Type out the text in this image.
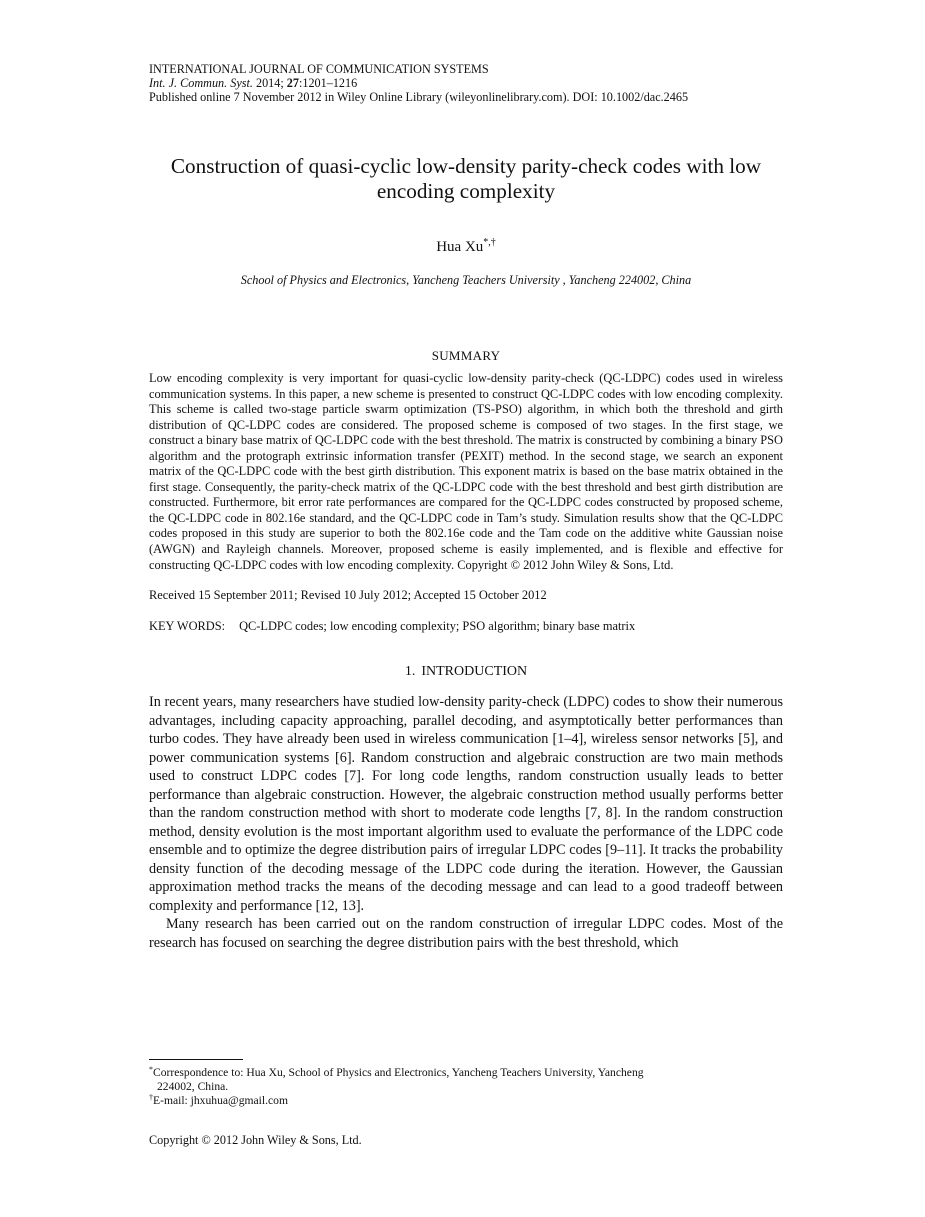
INTERNATIONAL JOURNAL OF COMMUNICATION SYSTEMS
Int. J. Commun. Syst. 2014; 27:1201–1216
Published online 7 November 2012 in Wiley Online Library (wileyonlinelibrary.com). DOI: 10.1002/dac.2465
Construction of quasi-cyclic low-density parity-check codes with low encoding complexity
Hua Xu*,†
School of Physics and Electronics, Yancheng Teachers University , Yancheng 224002, China
SUMMARY
Low encoding complexity is very important for quasi-cyclic low-density parity-check (QC-LDPC) codes used in wireless communication systems. In this paper, a new scheme is presented to construct QC-LDPC codes with low encoding complexity. This scheme is called two-stage particle swarm optimization (TS-PSO) algorithm, in which both the threshold and girth distribution of QC-LDPC codes are considered. The proposed scheme is composed of two stages. In the first stage, we construct a binary base matrix of QC-LDPC code with the best threshold. The matrix is constructed by combining a binary PSO algorithm and the protograph extrinsic information transfer (PEXIT) method. In the second stage, we search an exponent matrix of the QC-LDPC code with the best girth distribution. This exponent matrix is based on the base matrix obtained in the first stage. Consequently, the parity-check matrix of the QC-LDPC code with the best threshold and best girth distribution are constructed. Furthermore, bit error rate performances are compared for the QC-LDPC codes constructed by proposed scheme, the QC-LDPC code in 802.16e standard, and the QC-LDPC code in Tam’s study. Simulation results show that the QC-LDPC codes proposed in this study are superior to both the 802.16e code and the Tam code on the additive white Gaussian noise (AWGN) and Rayleigh channels. Moreover, proposed scheme is easily implemented, and is flexible and effective for constructing QC-LDPC codes with low encoding complexity. Copyright © 2012 John Wiley & Sons, Ltd.
Received 15 September 2011; Revised 10 July 2012; Accepted 15 October 2012
KEY WORDS: QC-LDPC codes; low encoding complexity; PSO algorithm; binary base matrix
1. INTRODUCTION

In recent years, many researchers have studied low-density parity-check (LDPC) codes to show their numerous advantages, including capacity approaching, parallel decoding, and asymptotically better performances than turbo codes. They have already been used in wireless communication [1–4], wireless sensor networks [5], and power communication systems [6]. Random construction and algebraic construction are two main methods used to construct LDPC codes [7]. For long code lengths, random construction usually leads to better performance than algebraic construction. However, the algebraic construction method usually performs better than the random construction method with short to moderate code lengths [7, 8]. In the random construction method, density evolution is the most important algorithm used to evaluate the performance of the LDPC code ensemble and to optimize the degree distribution pairs of irregular LDPC codes [9–11]. It tracks the probability density function of the decoding message of the LDPC code during the iteration. However, the Gaussian approximation method tracks the means of the decoding message and can lead to a good tradeoff between complexity and performance [12, 13].

Many research has been carried out on the random construction of irregular LDPC codes. Most of the research has focused on searching the degree distribution pairs with the best threshold, which

*Correspondence to: Hua Xu, School of Physics and Electronics, Yancheng Teachers University, Yancheng

224002, China.

†E-mail: jhxuhua@gmail.com

Copyright © 2012 John Wiley & Sons, Ltd.
